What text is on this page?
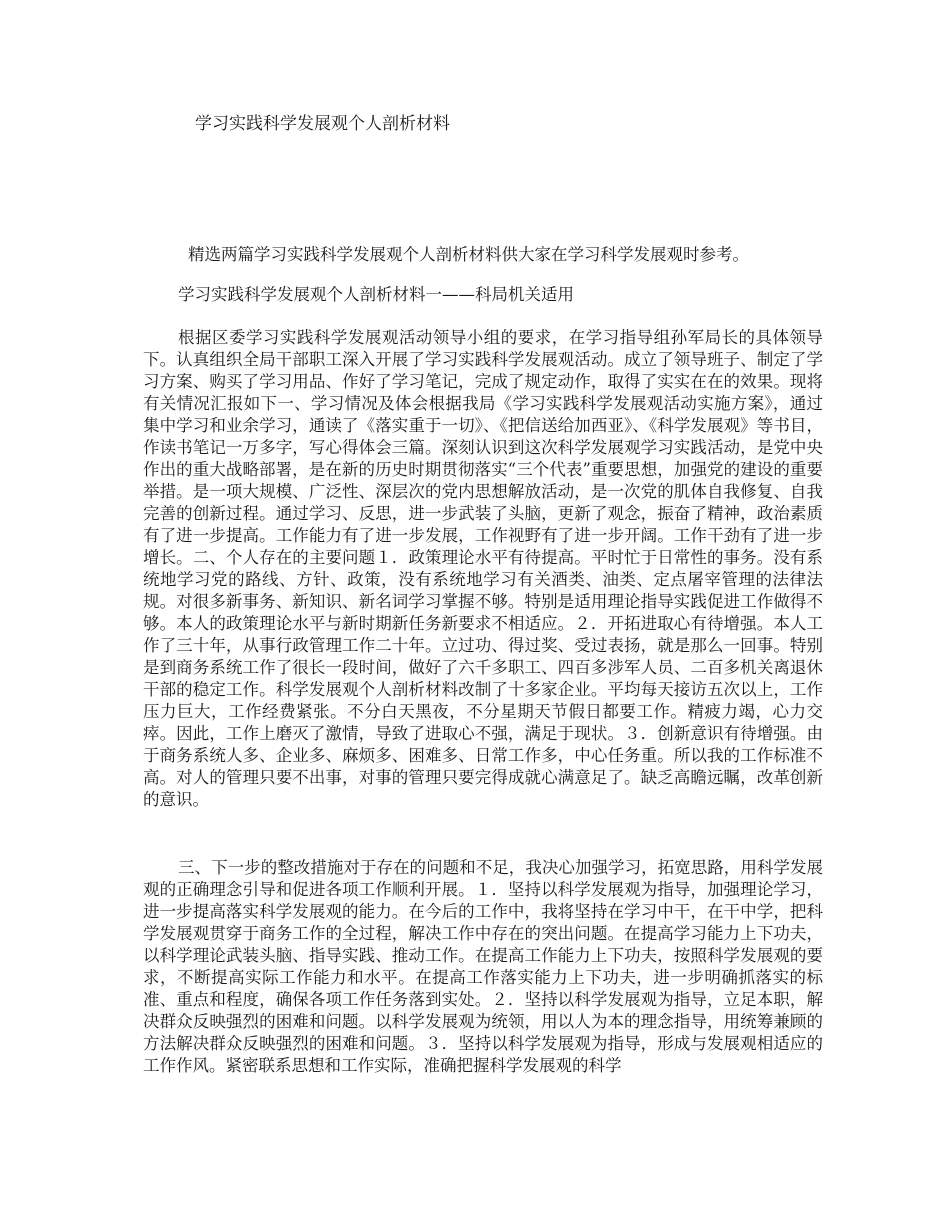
学习实践科学发展观个人剖析材料
精选两篇学习实践科学发展观个人剖析材料供大家在学习科学发展观时参考。
学习实践科学发展观个人剖析材料一——科局机关适用

根据区委学习实践科学发展观活动领导小组的要求，在学习指导组孙军局长的具体领导下。认真组织全局干部职工深入开展了学习实践科学发展观活动。成立了领导班子、制定了学习方案、购买了学习用品、作好了学习笔记，完成了规定动作，取得了实实在在的效果。现将有关情况汇报如下一、学习情况及体会根据我局《学习实践科学发展观活动实施方案》，通过集中学习和业余学习，通读了《落实重于一切》、《把信送给加西亚》、《科学发展观》等书目，作读书笔记一万多字，写心得体会三篇。深刻认识到这次科学发展观学习实践活动，是党中央作出的重大战略部署，是在新的历史时期贯彻落实“三个代表”重要思想，加强党的建设的重要举措。是一项大规模、广泛性、深层次的党内思想解放活动，是一次党的肌体自我修复、自我完善的创新过程。通过学习、反思，进一步武装了头脑，更新了观念，振奋了精神，政治素质有了进一步提高。工作能力有了进一步发展，工作视野有了进一步开阔。工作干劲有了进一步增长。二、个人存在的主要问题１．政策理论水平有待提高。平时忙于日常性的事务。没有系统地学习党的路线、方针、政策，没有系统地学习有关酒类、油类、定点屠宰管理的法律法规。对很多新事务、新知识、新名词学习掌握不够。特别是适用理论指导实践促进工作做得不够。本人的政策理论水平与新时期新任务新要求不相适应。２．开拓进取心有待增强。本人工作了三十年，从事行政管理工作二十年。立过功、得过奖、受过表扬，就是那么一回事。特别是到商务系统工作了很长一段时间，做好了六千多职工、四百多涉军人员、二百多机关离退休干部的稳定工作。科学发展观个人剖析材料改制了十多家企业。平均每天接访五次以上，工作压力巨大，工作经费紧张。不分白天黑夜，不分星期天节假日都要工作。精疲力竭，心力交瘁。因此，工作上磨灭了激情，导致了进取心不强，满足于现状。３．创新意识有待增强。由于商务系统人多、企业多、麻烦多、困难多、日常工作多，中心任务重。所以我的工作标准不高。对人的管理只要不出事，对事的管理只要完得成就心满意足了。缺乏高瞻远瞩，改革创新的意识。

三、下一步的整改措施对于存在的问题和不足，我决心加强学习，拓宽思路，用科学发展观的正确理念引导和促进各项工作顺利开展。１．坚持以科学发展观为指导，加强理论学习，进一步提高落实科学发展观的能力。在今后的工作中，我将坚持在学习中干，在干中学，把科学发展观贯穿于商务工作的全过程，解决工作中存在的突出问题。在提高学习能力上下功夫，以科学理论武装头脑、指导实践、推动工作。在提高工作能力上下功夫，按照科学发展观的要求，不断提高实际工作能力和水平。在提高工作落实能力上下功夫，进一步明确抓落实的标准、重点和程度，确保各项工作任务落到实处。２．坚持以科学发展观为指导，立足本职，解决群众反映强烈的困难和问题。以科学发展观为统领，用以人为本的理念指导，用统筹兼顾的方法解决群众反映强烈的困难和问题。３．坚持以科学发展观为指导，形成与发展观相适应的工作作风。紧密联系思想和工作实际，准确把握科学发展观的科学
